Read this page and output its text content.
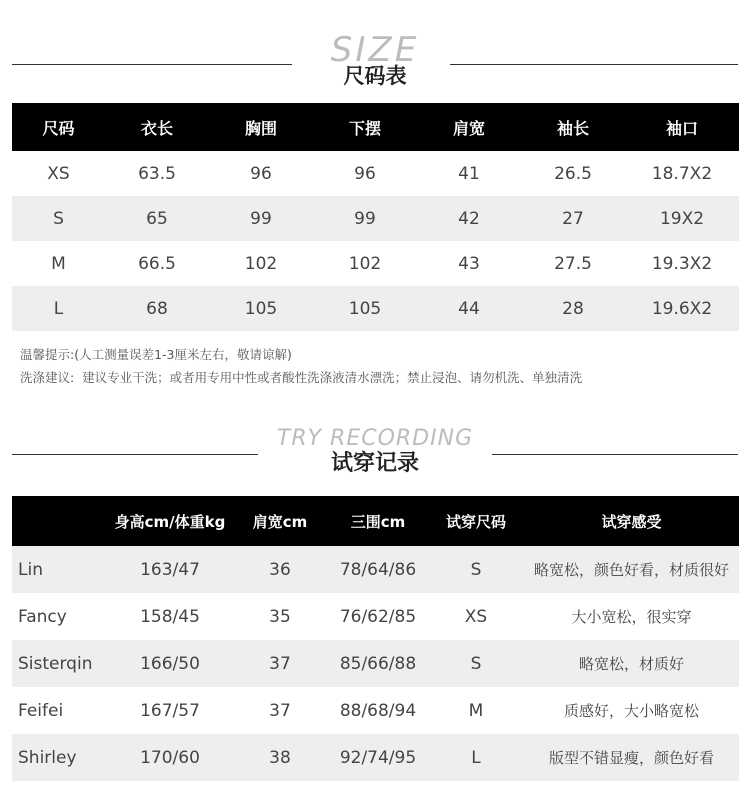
SIZE
尺码表
尺码	衣长	胸围	下摆	肩宽	袖长	袖口
XS	63.5	96	96	41	26.5	18.7X2
S	65	99	99	42	27	19X2
M	66.5	102	102	43	27.5	19.3X2
L	68	105	105	44	28	19.6X2
温馨提示:(人工测量误差1-3厘米左右，敬请谅解)
洗涤建议: 建议专业干洗；或者用专用中性或者酸性洗涤液清水漂洗；禁止浸泡、请勿机洗、单独清洗
TRY RECORDING
试穿记录
	身高cm/体重kg	肩宽cm	三围cm	试穿尺码	试穿感受
Lin	163/47	36	78/64/86	S	略宽松，颜色好看，材质很好
Fancy	158/45	35	76/62/85	XS	大小宽松，很实穿
Sisterqin	166/50	37	85/66/88	S	略宽松，材质好
Feifei	167/57	37	88/68/94	M	质感好，大小略宽松
Shirley	170/60	38	92/74/95	L	版型不错显瘦，颜色好看
